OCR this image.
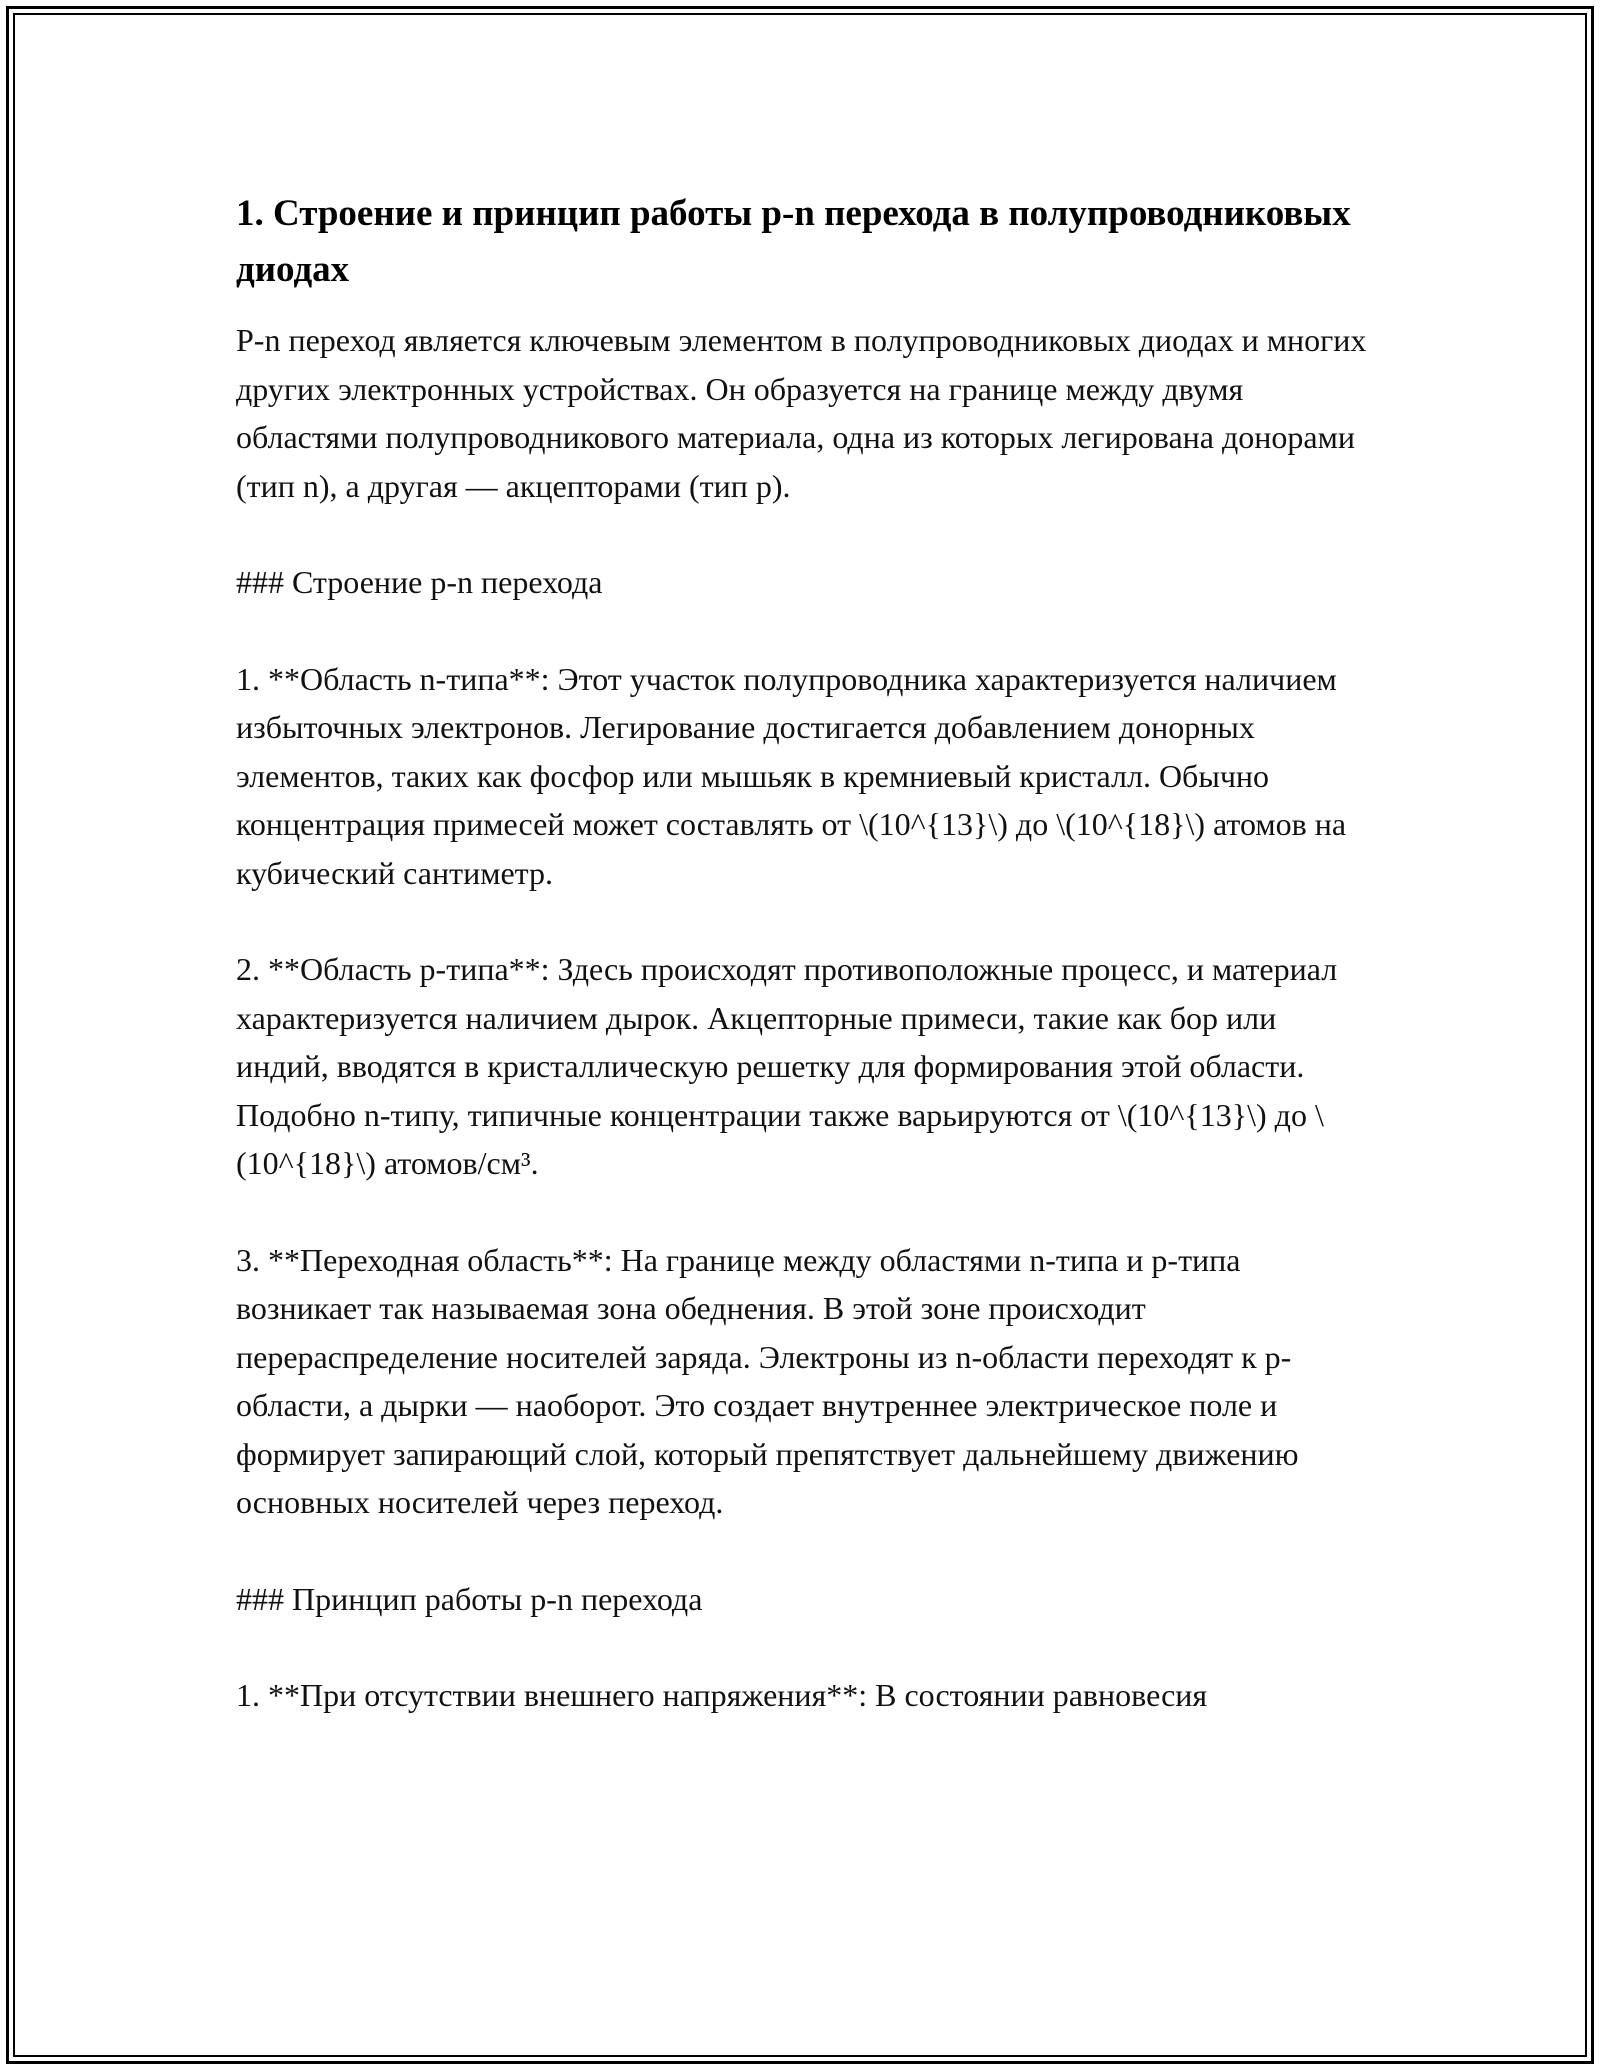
1. Строение и принцип работы p-n перехода в полупроводниковых диодах

P-n переход является ключевым элементом в полупроводниковых диодах и многих других электронных устройствах. Он образуется на границе между двумя областями полупроводникового материала, одна из которых легирована донорами (тип n), а другая — акцепторами (тип p).

### Строение p-n перехода

1. **Область n-типа**: Этот участок полупроводника характеризуется наличием избыточных электронов. Легирование достигается добавлением донорных элементов, таких как фосфор или мышьяк в кремниевый кристалл. Обычно концентрация примесей может составлять от \(10^{13}\) до \(10^{18}\) атомов на кубический сантиметр.

2. **Область p-типа**: Здесь происходят противоположные процесс, и материал характеризуется наличием дырок. Акцепторные примеси, такие как бор или индий, вводятся в кристаллическую решетку для формирования этой области. Подобно n-типу, типичные концентрации также варьируются от \(10^{13}\) до \(10^{18}\) атомов/см³.

3. **Переходная область**: На границе между областями n-типа и p-типа возникает так называемая зона обеднения. В этой зоне происходит перераспределение носителей заряда. Электроны из n-области переходят к p-области, а дырки — наоборот. Это создает внутреннее электрическое поле и формирует запирающий слой, который препятствует дальнейшему движению основных носителей через переход.

### Принцип работы p-n перехода

1. **При отсутствии внешнего напряжения**: В состоянии равновесия
